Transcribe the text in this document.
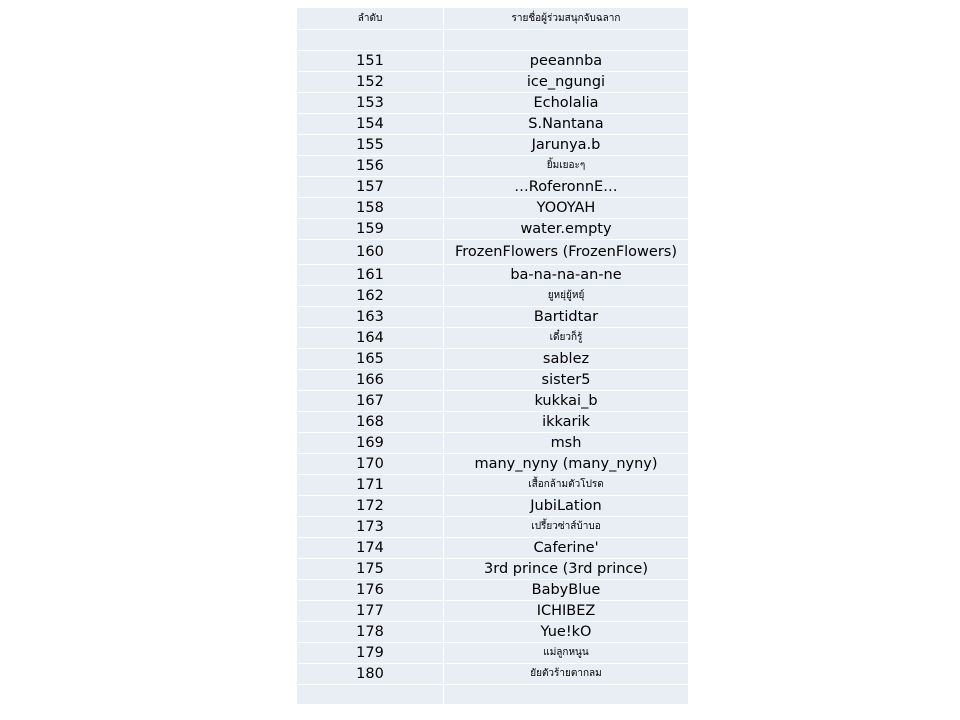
ลำดับ	รายชื่อผู้ร่วมสนุกจับฉลาก

151	peeannba
152	ice_ngungi
153	Echolalia
154	S.Nantana
155	Jarunya.b
156	ยิ้มเยอะๆ
157	…RoferonnE…
158	YOOYAH
159	water.empty
160	FrozenFlowers (FrozenFlowers)
161	ba-na-na-an-ne
162	ยูหยุ่ยู้หยุ์
163	Bartidtar
164	เดี๋ยวก็รู้
165	sablez
166	sister5
167	kukkai_b
168	ikkarik
169	msh
170	many_nyny (many_nyny)
171	เสื้อกล้ามตัวโปรด
172	JubiLation
173	เปรี้ยวซ่าส์บ้าบอ
174	Caferine'
175	3rd prince (3rd prince)
176	BabyBlue
177	ICHIBEZ
178	Yue!kO
179	แม่ลูกหนูน
180	ยัยตัวร้ายตากลม
